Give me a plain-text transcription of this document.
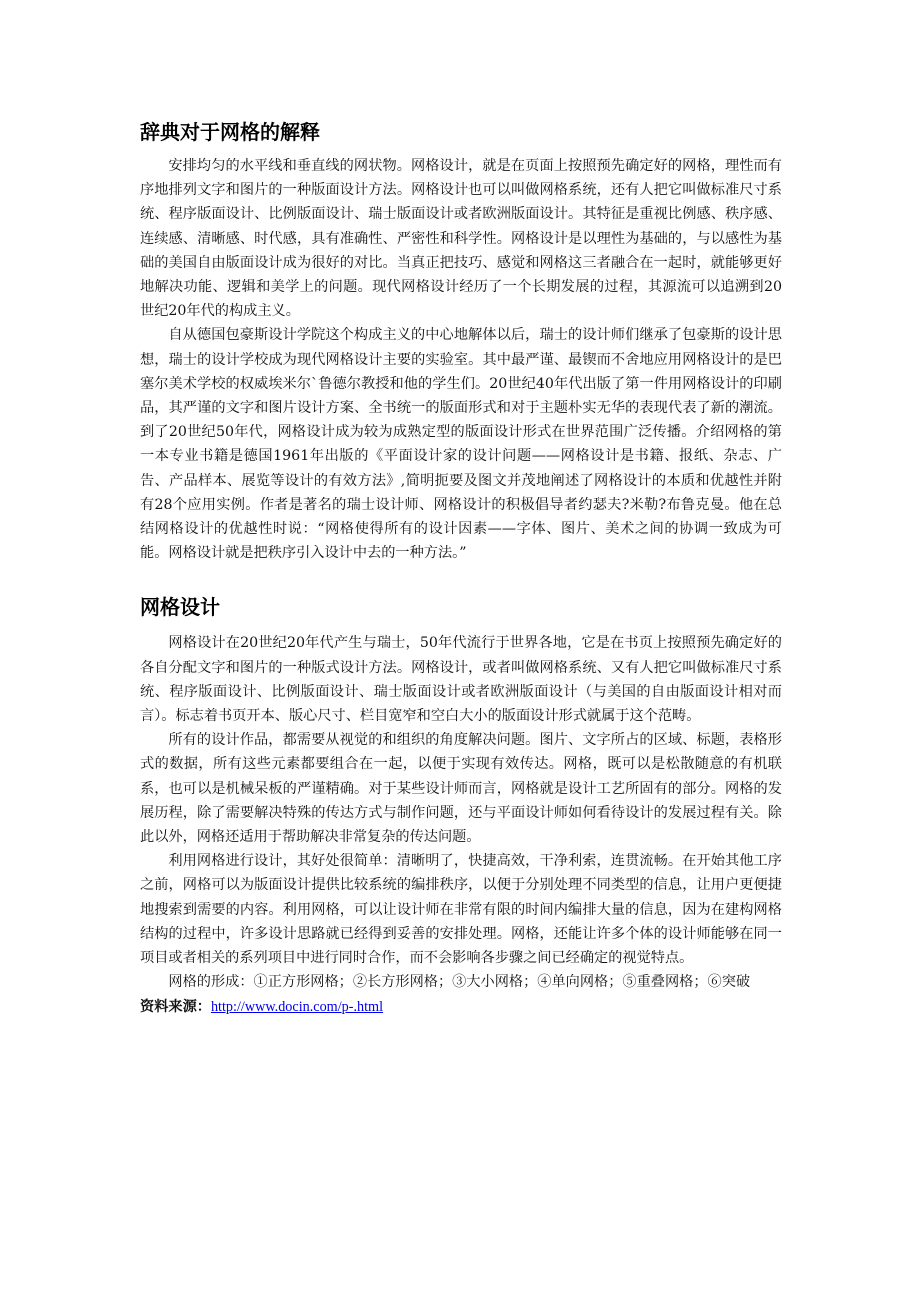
辞典对于网格的解释

安排均匀的水平线和垂直线的网状物。网格设计，就是在页面上按照预先确定好的网格，理性而有序地排列文字和图片的一种版面设计方法。网格设计也可以叫做网格系统，还有人把它叫做标准尺寸系统、程序版面设计、比例版面设计、瑞士版面设计或者欧洲版面设计。其特征是重视比例感、秩序感、连续感、清晰感、时代感，具有准确性、严密性和科学性。网格设计是以理性为基础的，与以感性为基础的美国自由版面设计成为很好的对比。当真正把技巧、感觉和网格这三者融合在一起时，就能够更好地解决功能、逻辑和美学上的问题。现代网格设计经历了一个长期发展的过程，其源流可以追溯到20世纪20年代的构成主义。

自从德国包豪斯设计学院这个构成主义的中心地解体以后，瑞士的设计师们继承了包豪斯的设计思想，瑞士的设计学校成为现代网格设计主要的实验室。其中最严谨、最锲而不舍地应用网格设计的是巴塞尔美术学校的权威埃米尔`鲁德尔教授和他的学生们。20世纪40年代出版了第一件用网格设计的印刷品，其严谨的文字和图片设计方案、全书统一的版面形式和对于主题朴实无华的表现代表了新的潮流。到了20世纪50年代，网格设计成为较为成熟定型的版面设计形式在世界范围广泛传播。介绍网格的第一本专业书籍是德国1961年出版的《平面设计家的设计问题——网格设计是书籍、报纸、杂志、广告、产品样本、展览等设计的有效方法》,简明扼要及图文并茂地阐述了网格设计的本质和优越性并附有28个应用实例。作者是著名的瑞士设计师、网格设计的积极倡导者约瑟夫?米勒?布鲁克曼。他在总结网格设计的优越性时说：“网格使得所有的设计因素——字体、图片、美术之间的协调一致成为可能。网格设计就是把秩序引入设计中去的一种方法。”

网格设计

网格设计在20世纪20年代产生与瑞士，50年代流行于世界各地，它是在书页上按照预先确定好的各自分配文字和图片的一种版式设计方法。网格设计，或者叫做网格系统、又有人把它叫做标准尺寸系统、程序版面设计、比例版面设计、瑞士版面设计或者欧洲版面设计（与美国的自由版面设计相对而言）。标志着书页开本、版心尺寸、栏目宽窄和空白大小的版面设计形式就属于这个范畴。

所有的设计作品，都需要从视觉的和组织的角度解决问题。图片、文字所占的区域、标题，表格形式的数据，所有这些元素都要组合在一起，以便于实现有效传达。网格，既可以是松散随意的有机联系，也可以是机械呆板的严谨精确。对于某些设计师而言，网格就是设计工艺所固有的部分。网格的发展历程，除了需要解决特殊的传达方式与制作问题，还与平面设计师如何看待设计的发展过程有关。除此以外，网格还适用于帮助解决非常复杂的传达问题。

利用网格进行设计，其好处很简单：清晰明了，快捷高效，干净利索，连贯流畅。在开始其他工序之前，网格可以为版面设计提供比较系统的编排秩序，以便于分别处理不同类型的信息，让用户更便捷地搜索到需要的内容。利用网格，可以让设计师在非常有限的时间内编排大量的信息，因为在建构网格结构的过程中，许多设计思路就已经得到妥善的安排处理。网格，还能让许多个体的设计师能够在同一项目或者相关的系列项目中进行同时合作，而不会影响各步骤之间已经确定的视觉特点。

网格的形成：①正方形网格；②长方形网格；③大小网格；④单向网格；⑤重叠网格；⑥突破

资料来源：http://www.docin.com/p-.html
